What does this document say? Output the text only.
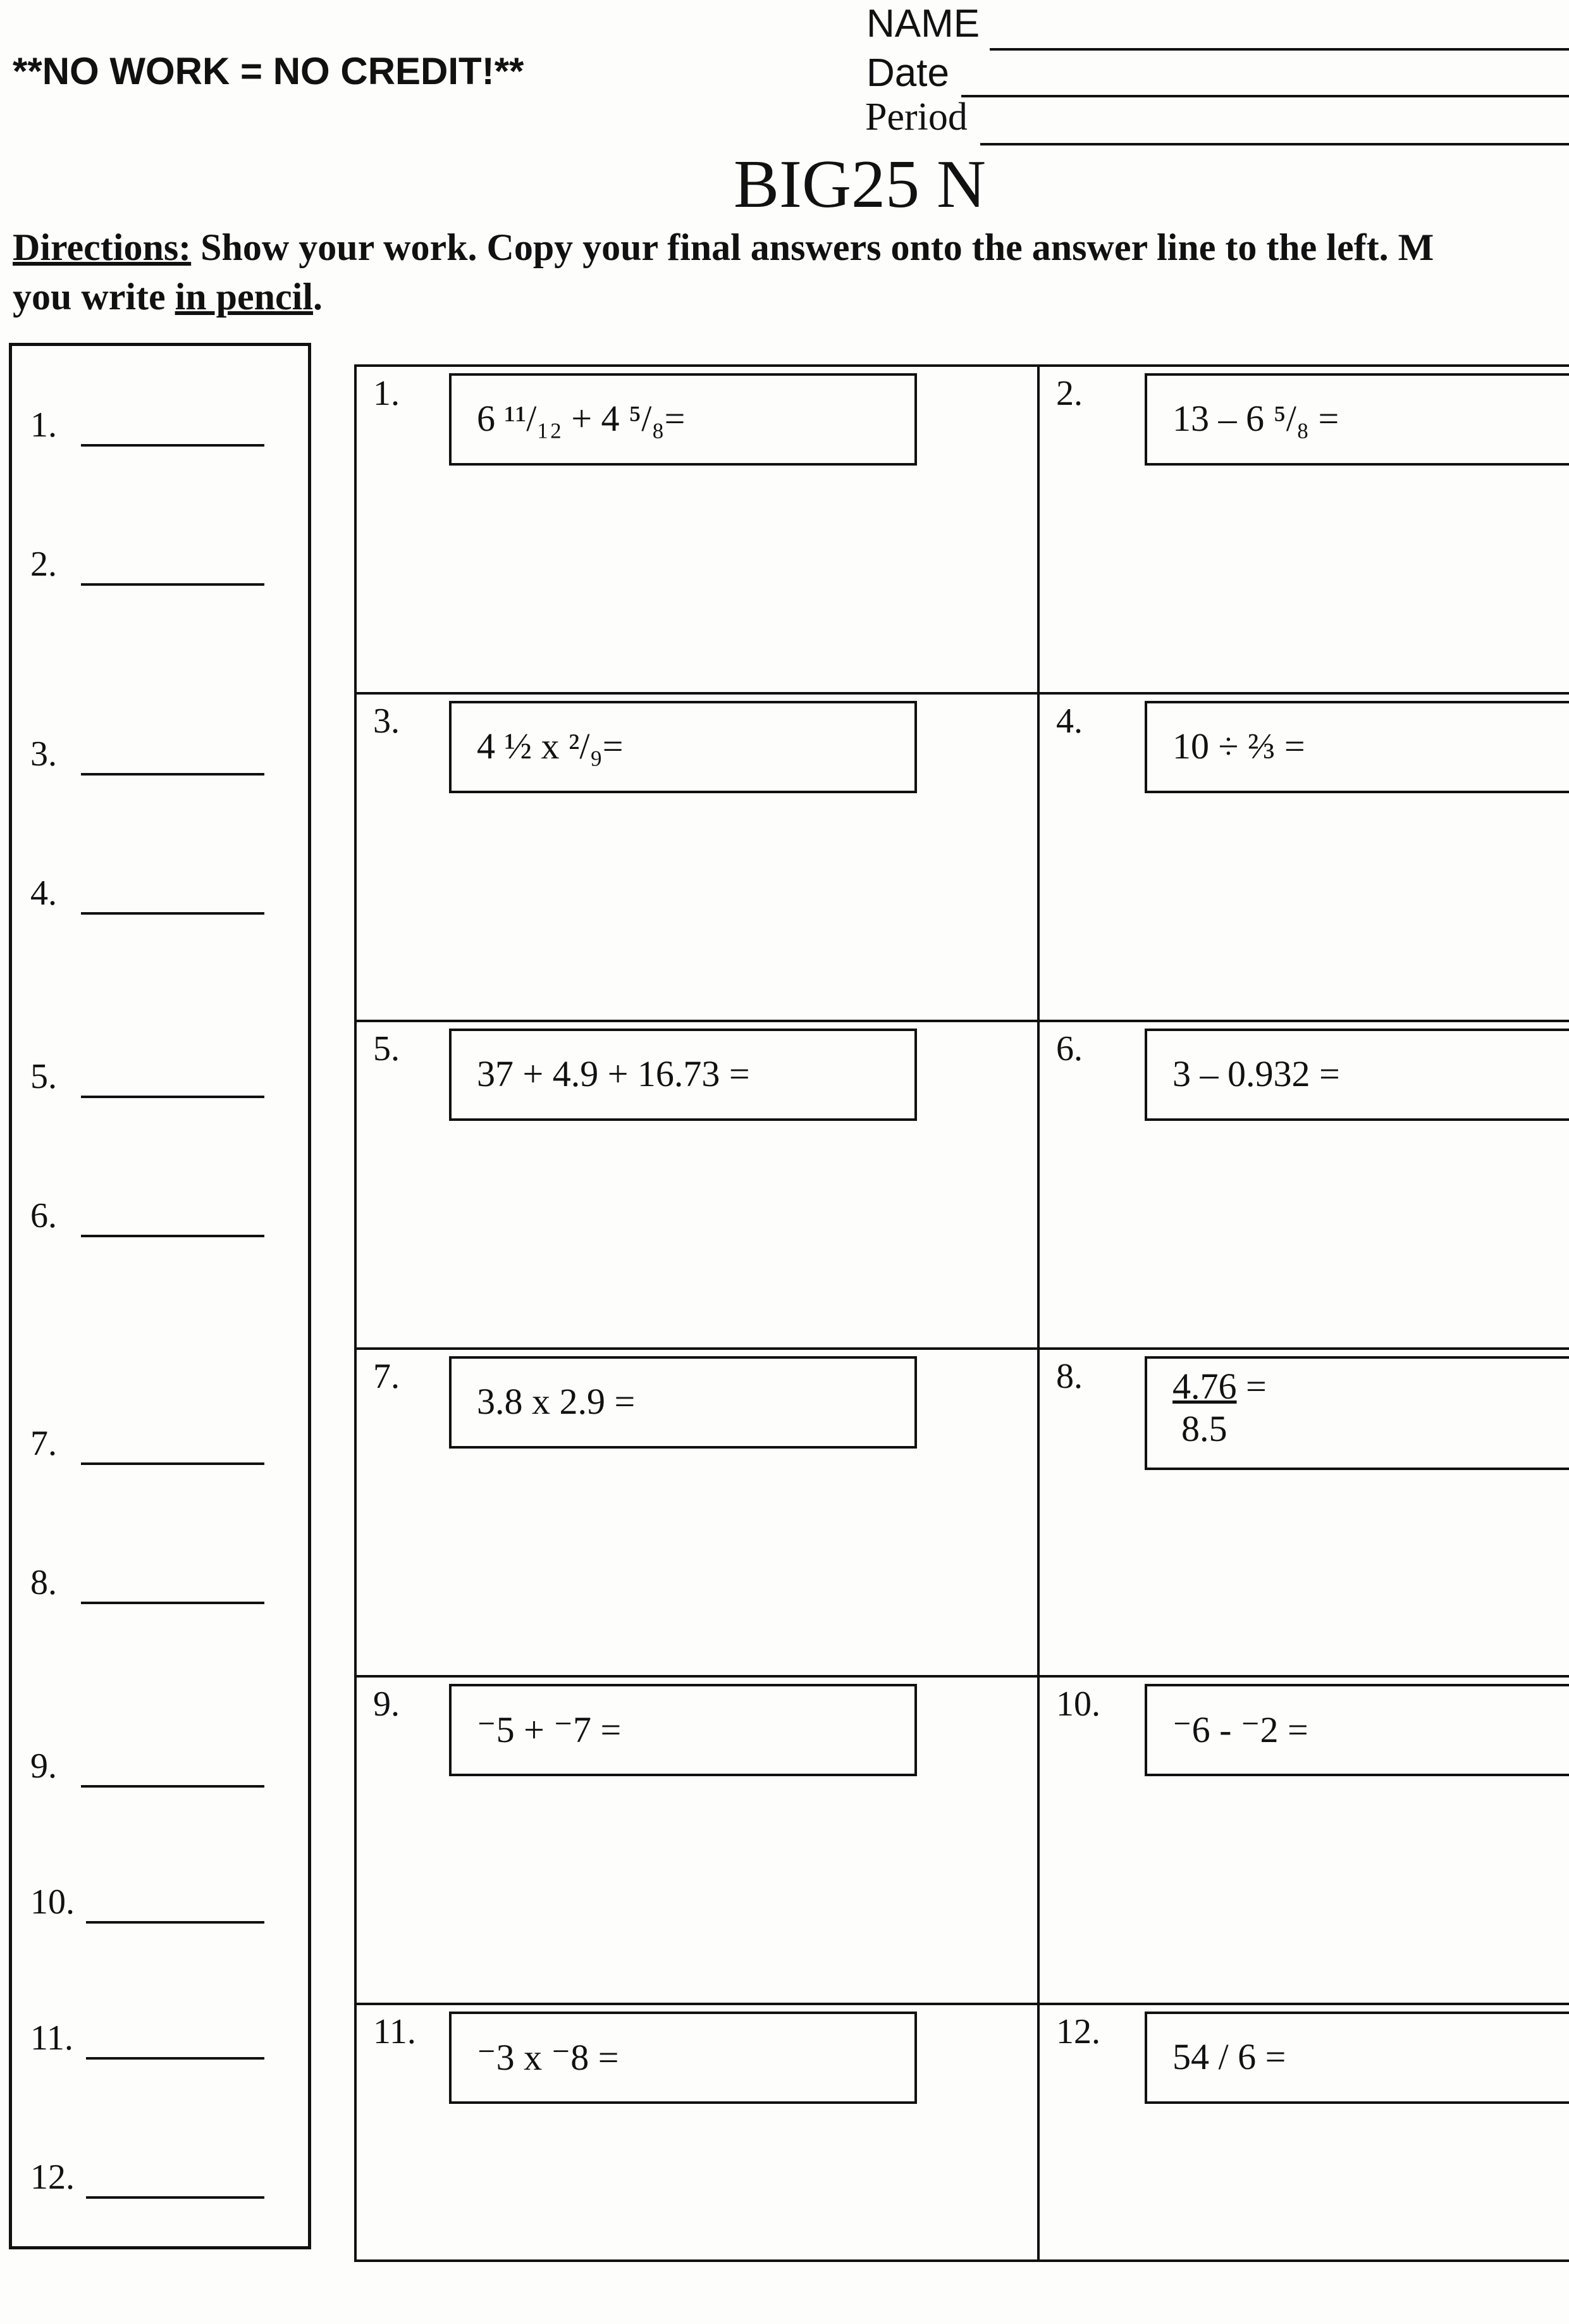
**NO WORK = NO CREDIT!**
NAME
Date
Period
BIG25 N
Directions: Show your work. Copy your final answers onto the answer line to the left. M
you write in pencil.
1.
2.
3.
4.
5.
6.
7.
8.
9.
10.
11.
12.
1.
6 ¹¹/₁₂ + 4 ⁵/₈=
2.
13 – 6 ⁵/₈ =
3.
4 ½ x ²/₉=
4.
10 ÷ ⅔ =
5.
37 + 4.9 + 16.73 =
6.
3 – 0.932 =
7.
3.8 x 2.9 =
8. 4.76 =
8.5
9.
⁻5 + ⁻7 =
10.
⁻6 - ⁻2 =
11.
⁻3 x ⁻8 =
12.
54 / 6 =
